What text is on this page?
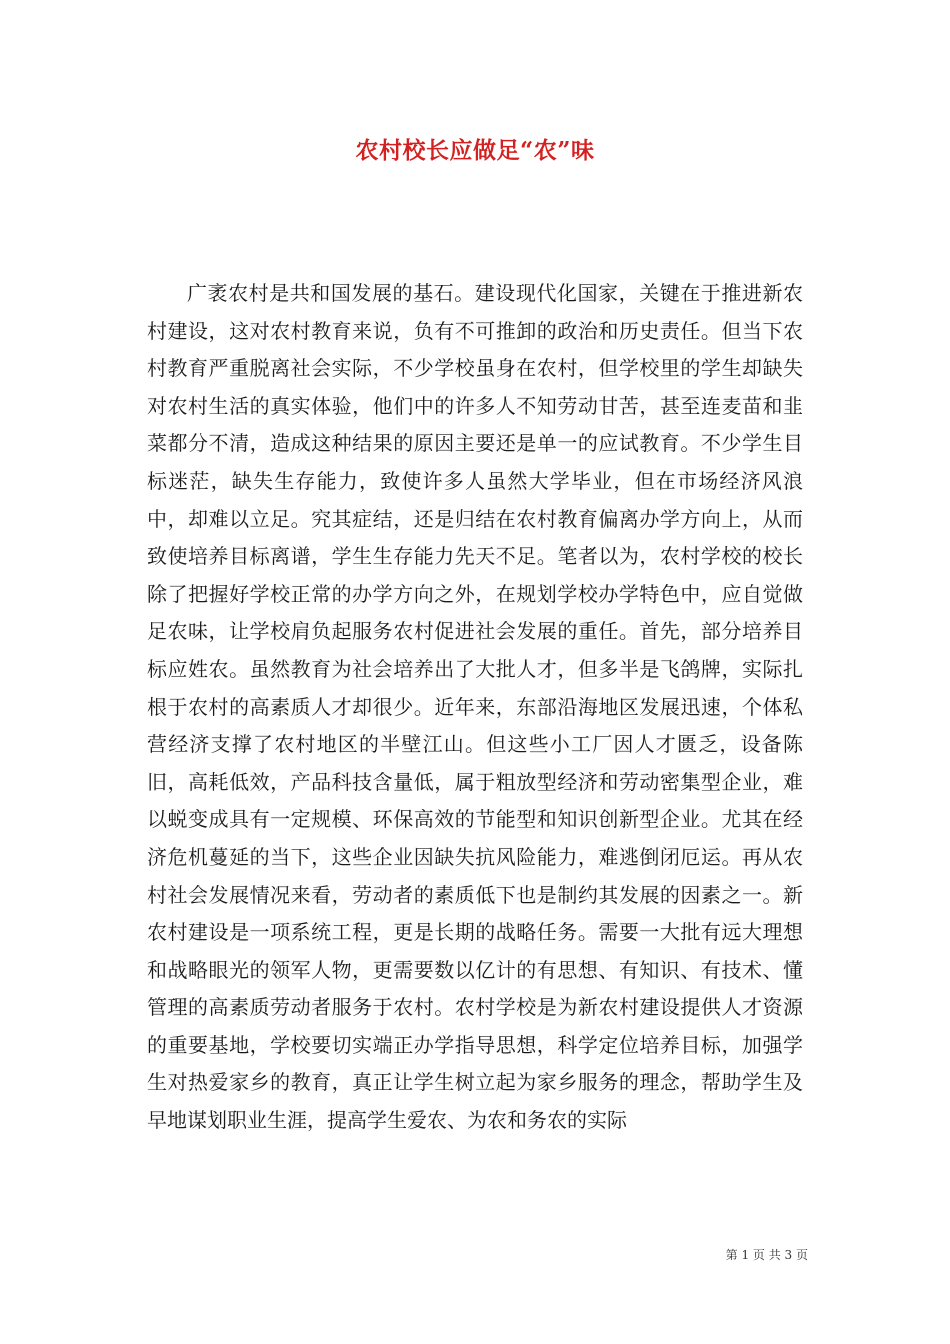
农村校长应做足“农”味

广袤农村是共和国发展的基石。建设现代化国家，关键在于推进新农村建设，这对农村教育来说，负有不可推卸的政治和历史责任。但当下农村教育严重脱离社会实际，不少学校虽身在农村，但学校里的学生却缺失对农村生活的真实体验，他们中的许多人不知劳动甘苦，甚至连麦苗和韭菜都分不清，造成这种结果的原因主要还是单一的应试教育。不少学生目标迷茫，缺失生存能力，致使许多人虽然大学毕业，但在市场经济风浪中，却难以立足。究其症结，还是归结在农村教育偏离办学方向上，从而致使培养目标离谱，学生生存能力先天不足。笔者以为，农村学校的校长除了把握好学校正常的办学方向之外，在规划学校办学特色中，应自觉做足农味，让学校肩负起服务农村促进社会发展的重任。首先，部分培养目标应姓农。虽然教育为社会培养出了大批人才，但多半是飞鸽牌，实际扎根于农村的高素质人才却很少。近年来，东部沿海地区发展迅速，个体私营经济支撑了农村地区的半壁江山。但这些小工厂因人才匮乏，设备陈旧，高耗低效，产品科技含量低，属于粗放型经济和劳动密集型企业，难以蜕变成具有一定规模、环保高效的节能型和知识创新型企业。尤其在经济危机蔓延的当下，这些企业因缺失抗风险能力，难逃倒闭厄运。再从农村社会发展情况来看，劳动者的素质低下也是制约其发展的因素之一。新农村建设是一项系统工程，更是长期的战略任务。需要一大批有远大理想和战略眼光的领军人物，更需要数以亿计的有思想、有知识、有技术、懂管理的高素质劳动者服务于农村。农村学校是为新农村建设提供人才资源的重要基地，学校要切实端正办学指导思想，科学定位培养目标，加强学生对热爱家乡的教育，真正让学生树立起为家乡服务的理念，帮助学生及早地谋划职业生涯，提高学生爱农、为农和务农的实际

第 1 页 共 3 页
